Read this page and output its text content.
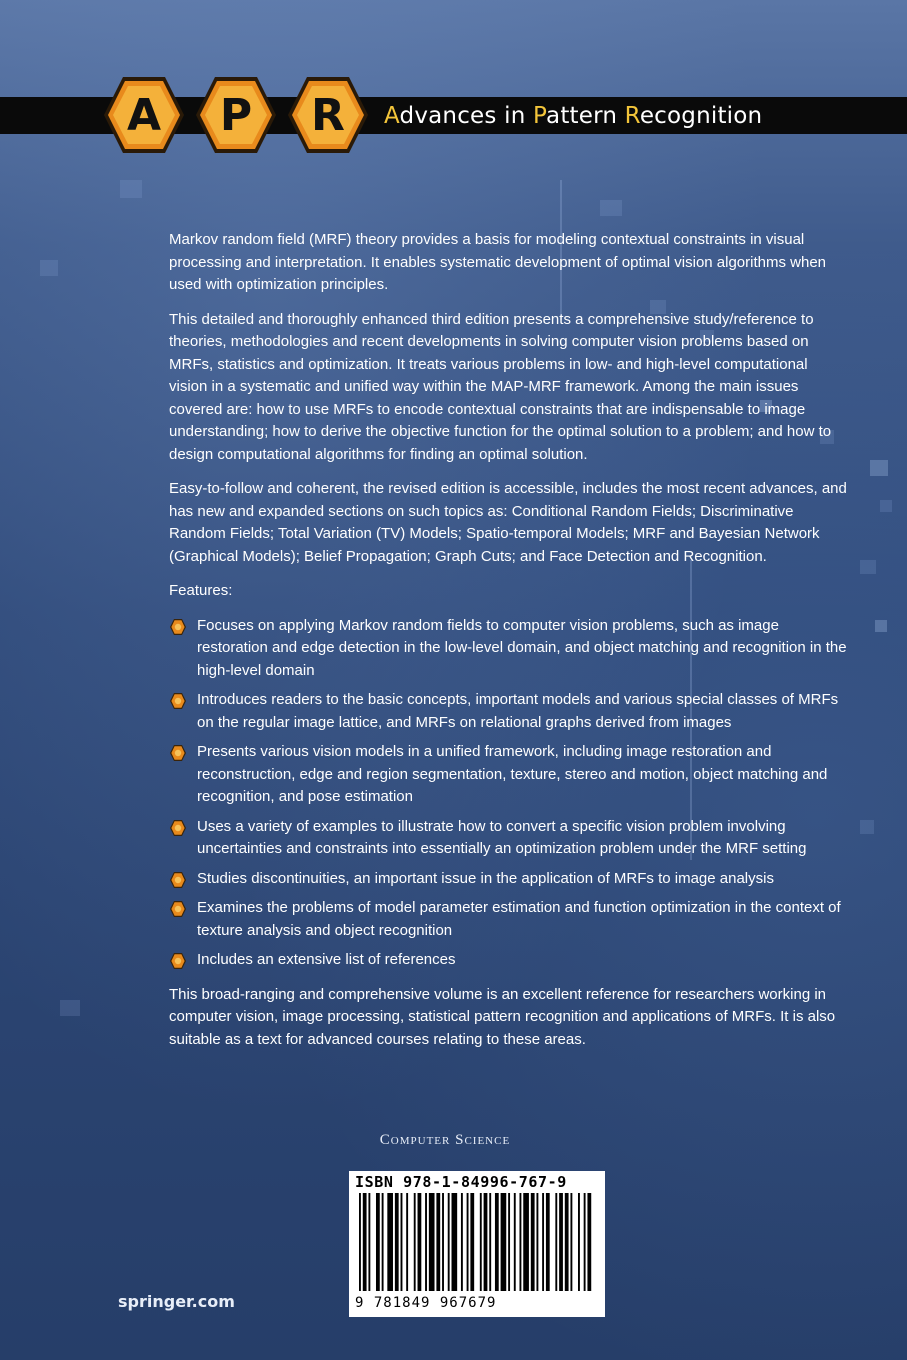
A	P	R	Advances in Pattern Recognition

Markov random field (MRF) theory provides a basis for modeling contextual constraints in visual processing and interpretation. It enables systematic development of optimal vision algorithms when used with optimization principles.

This detailed and thoroughly enhanced third edition presents a comprehensive study/reference to theories, methodologies and recent developments in solving computer vision problems based on MRFs, statistics and optimization. It treats various problems in low- and high-level computational vision in a systematic and unified way within the MAP-MRF framework. Among the main issues covered are: how to use MRFs to encode contextual constraints that are indispensable to image understanding; how to derive the objective function for the optimal solution to a problem; and how to design computational algorithms for finding an optimal solution.

Easy-to-follow and coherent, the revised edition is accessible, includes the most recent advances, and has new and expanded sections on such topics as: Conditional Random Fields; Discriminative Random Fields; Total Variation (TV) Models; Spatio-temporal Models; MRF and Bayesian Network (Graphical Models); Belief Propagation; Graph Cuts; and Face Detection and Recognition.

Features:

Focuses on applying Markov random fields to computer vision problems, such as image restoration and edge detection in the low-level domain, and object matching and recognition in the high-level domain
Introduces readers to the basic concepts, important models and various special classes of MRFs on the regular image lattice, and MRFs on relational graphs derived from images
Presents various vision models in a unified framework, including image restoration and reconstruction, edge and region segmentation, texture, stereo and motion, object matching and recognition, and pose estimation
Uses a variety of examples to illustrate how to convert a specific vision problem involving uncertainties and constraints into essentially an optimization problem under the MRF setting
Studies discontinuities, an important issue in the application of MRFs to image analysis
Examines the problems of model parameter estimation and function optimization in the context of texture analysis and object recognition
Includes an extensive list of references

This broad-ranging and comprehensive volume is an excellent reference for researchers working in computer vision, image processing, statistical pattern recognition and applications of MRFs. It is also suitable as a text for advanced courses relating to these areas.

Computer Science
springer.com
ISBN 978-1-84996-767-9
9 781849 967679
